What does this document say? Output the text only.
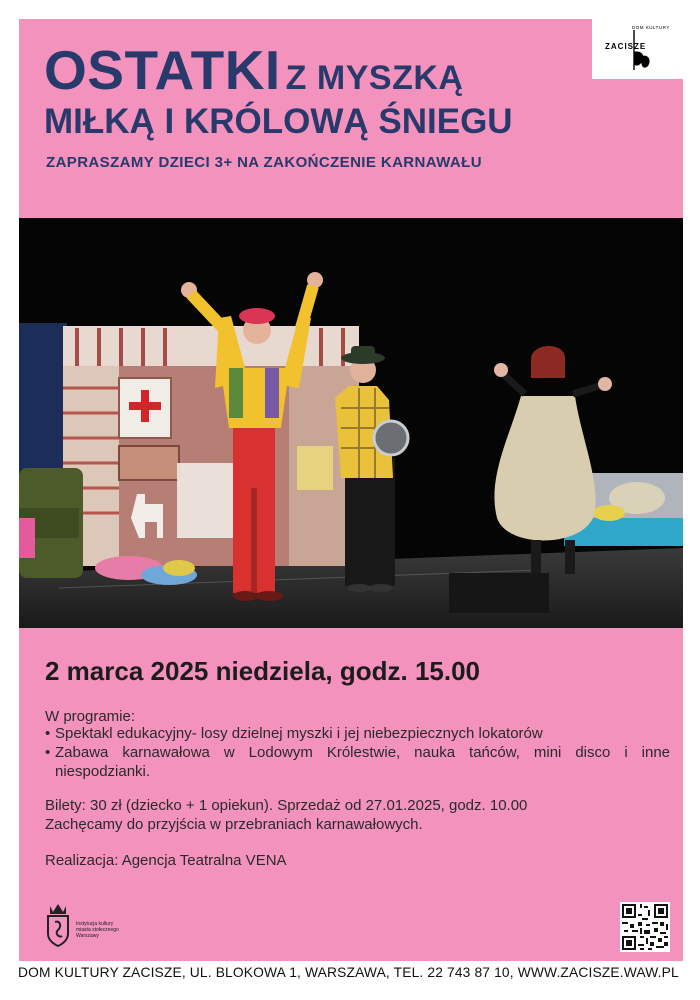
OSTATKI Z MYSZKĄ
MIŁKĄ I KRÓLOWĄ ŚNIEGU
ZAPRASZAMY DZIECI 3+ NA ZAKOŃCZENIE KARNAWAŁU
DOM KULTURY
ZACISZE
2 marca 2025 niedziela, godz. 15.00
W programie:
• Spektakl edukacyjny- losy dzielnej myszki i jej niebezpiecznych lokatorów
• Zabawa karnawałowa w Lodowym Królestwie, nauka tańców, mini disco i inne niespodzianki.
Bilety: 30 zł (dziecko + 1 opiekun). Sprzedaż od 27.01.2025, godz. 10.00
Zachęcamy do przyjścia w przebraniach karnawałowych.
Realizacja: Agencja Teatralna VENA
Instytucja kultury
miasta stołecznego
Warszawy
DOM KULTURY ZACISZE, UL. BLOKOWA 1, WARSZAWA, TEL. 22 743 87 10, WWW.ZACISZE.WAW.PL
